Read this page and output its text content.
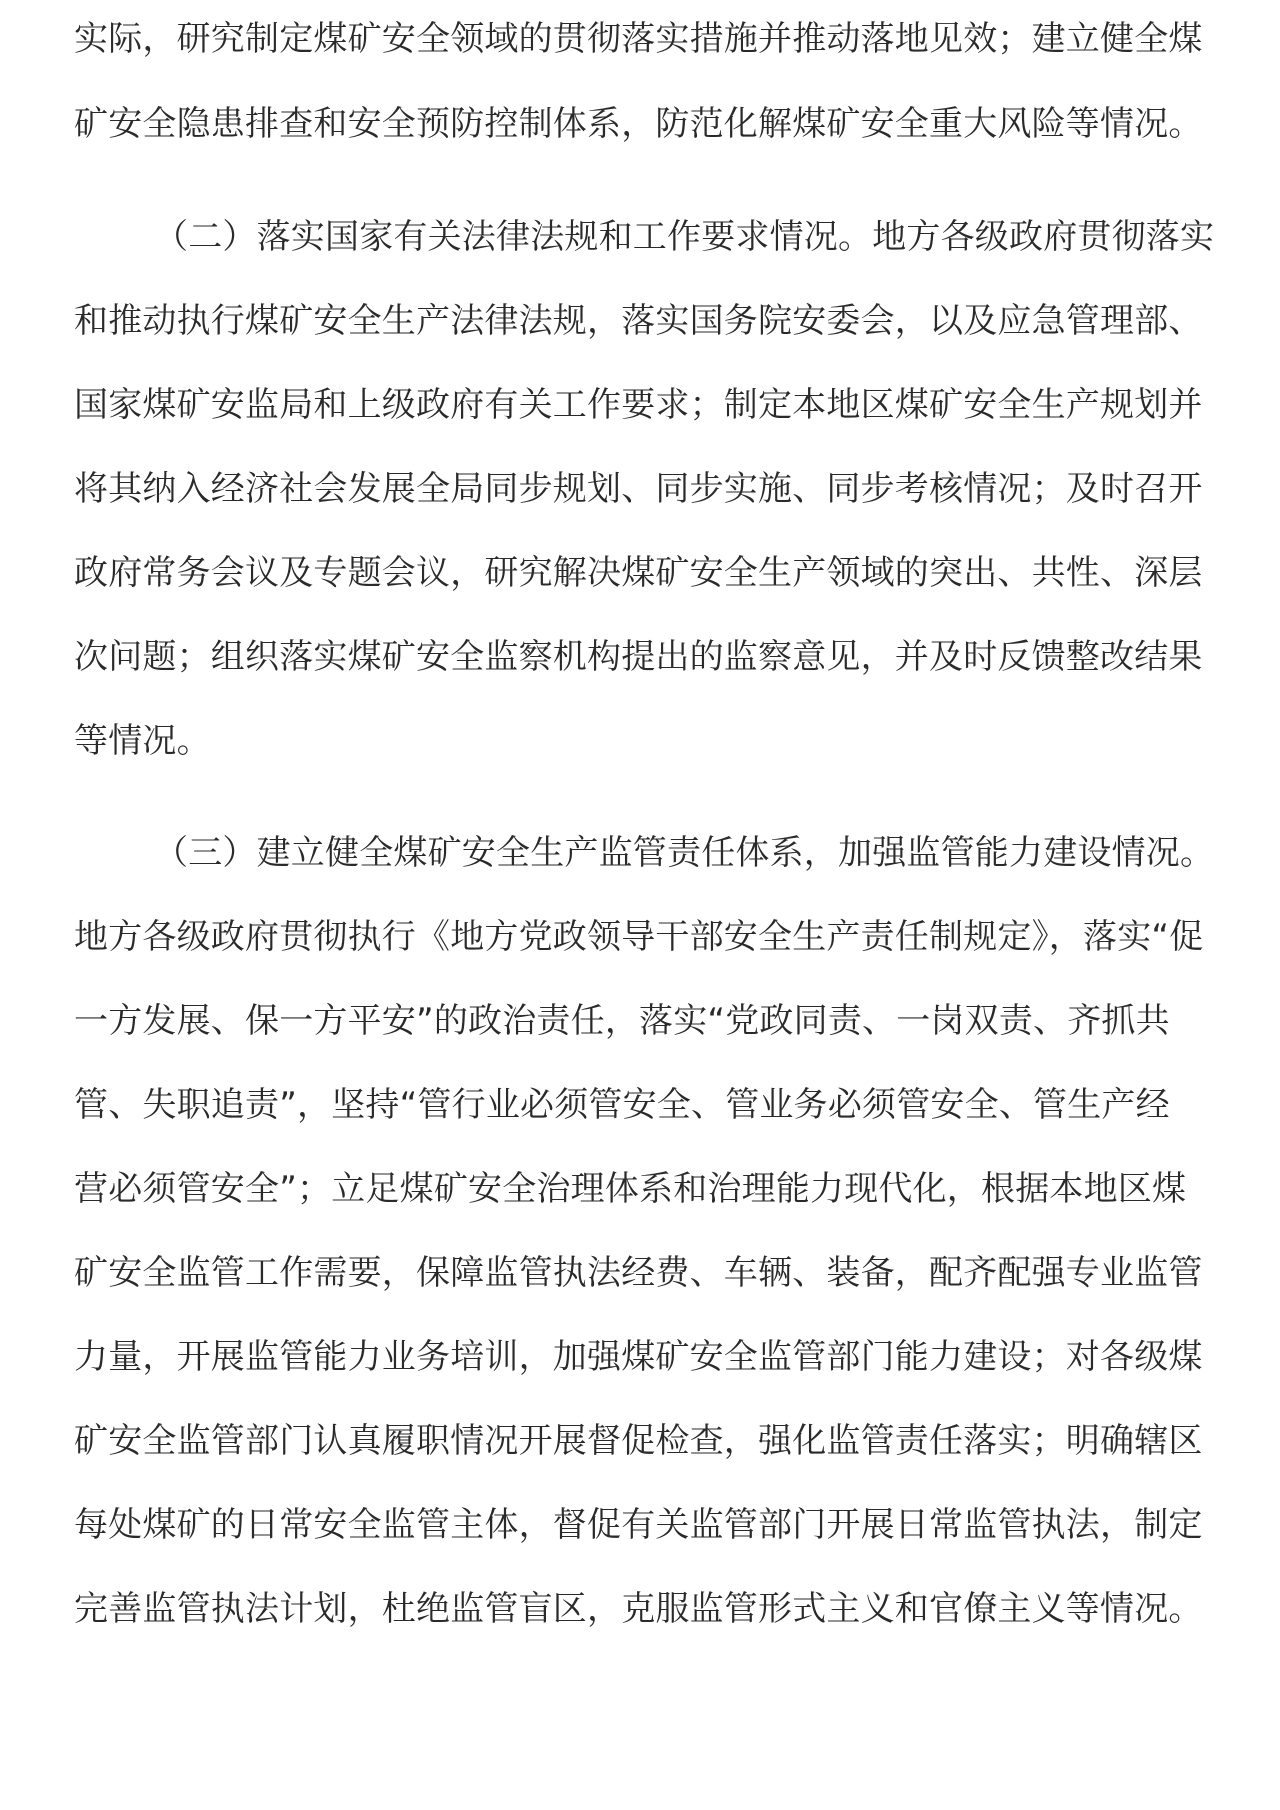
实际，研究制定煤矿安全领域的贯彻落实措施并推动落地见效；建立健全煤
矿安全隐患排查和安全预防控制体系，防范化解煤矿安全重大风险等情况。
（二）落实国家有关法律法规和工作要求情况。地方各级政府贯彻落实
和推动执行煤矿安全生产法律法规，落实国务院安委会，以及应急管理部、
国家煤矿安监局和上级政府有关工作要求；制定本地区煤矿安全生产规划并
将其纳入经济社会发展全局同步规划、同步实施、同步考核情况；及时召开
政府常务会议及专题会议，研究解决煤矿安全生产领域的突出、共性、深层
次问题；组织落实煤矿安全监察机构提出的监察意见，并及时反馈整改结果
等情况。
（三）建立健全煤矿安全生产监管责任体系，加强监管能力建设情况。
地方各级政府贯彻执行《地方党政领导干部安全生产责任制规定》，落实“促
一方发展、保一方平安”的政治责任，落实“党政同责、一岗双责、齐抓共
管、失职追责”，坚持“管行业必须管安全、管业务必须管安全、管生产经
营必须管安全”；立足煤矿安全治理体系和治理能力现代化，根据本地区煤
矿安全监管工作需要，保障监管执法经费、车辆、装备，配齐配强专业监管
力量，开展监管能力业务培训，加强煤矿安全监管部门能力建设；对各级煤
矿安全监管部门认真履职情况开展督促检查，强化监管责任落实；明确辖区
每处煤矿的日常安全监管主体，督促有关监管部门开展日常监管执法，制定
完善监管执法计划，杜绝监管盲区，克服监管形式主义和官僚主义等情况。
